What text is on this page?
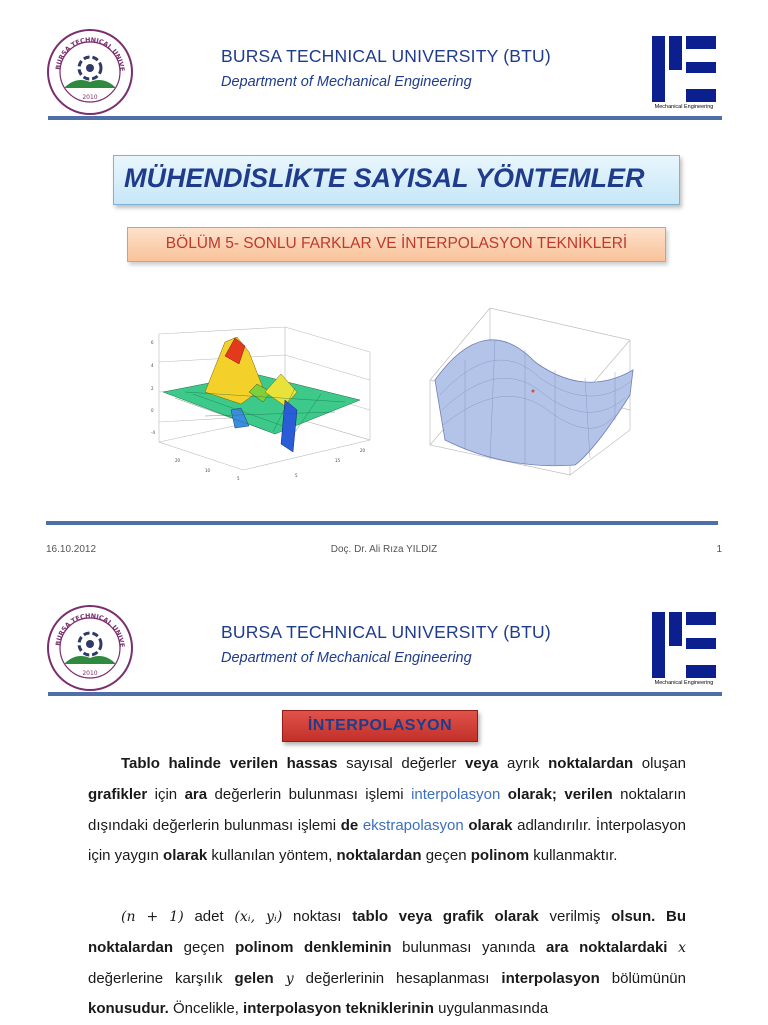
BURSA TECHNICAL UNIVE
2010
BURSA TECHNICAL UNIVERSITY (BTU)
Department of Mechanical Engineering
Mechanical Engineering
MÜHENDİSLİKTE SAYISAL YÖNTEMLER
BÖLÜM 5- SONLU FARKLAR VE İNTERPOLASYON TEKNİKLERİ
6
4
2
0
-4
20
10
5
5
15
20
16.10.2012	Doç. Dr. Ali Rıza YILDIZ	1
BURSA TECHNICAL UNIVE
2010
BURSA TECHNICAL UNIVERSITY (BTU)
Department of Mechanical Engineering
Mechanical Engineering
İNTERPOLASYON

Tablo halinde verilen hassas sayısal değerler veya ayrık noktalardan oluşan grafikler için ara değerlerin bulunması işlemi interpolasyon olarak; verilen noktaların dışındaki değerlerin bulunması işlemi de ekstrapolasyon olarak adlandırılır. İnterpolasyon için yaygın olarak kullanılan yöntem, noktalardan geçen polinom kullanmaktır.

(n + 1) adet (xᵢ, yᵢ) noktası tablo veya grafik olarak verilmiş olsun. Bu noktalardan geçen polinom denkleminin bulunması yanında ara noktalardaki x değerlerine karşılık gelen y değerlerinin hesaplanması interpolasyon bölümünün konusudur. Öncelikle, interpolasyon tekniklerinin uygulanmasında
